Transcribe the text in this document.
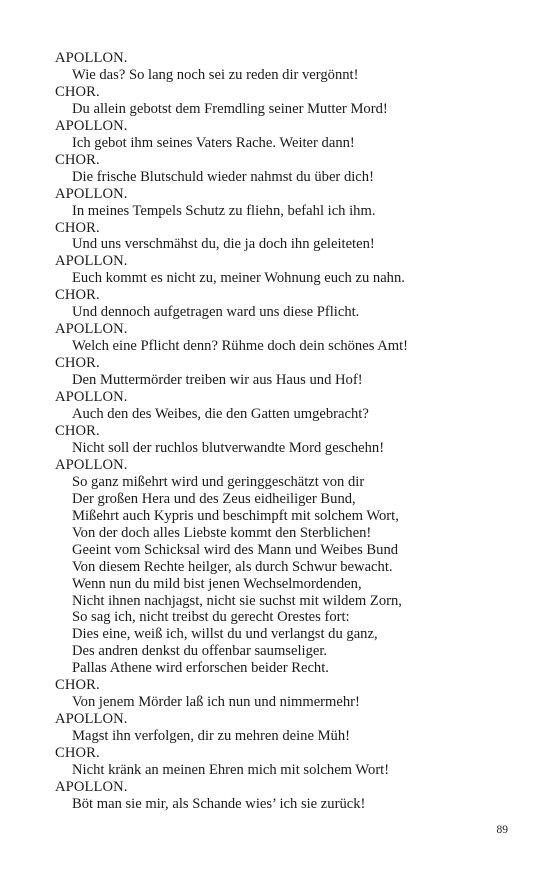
APOLLON.
Wie das? So lang noch sei zu reden dir vergönnt!
CHOR.
Du allein gebotst dem Fremdling seiner Mutter Mord!
APOLLON.
Ich gebot ihm seines Vaters Rache. Weiter dann!
CHOR.
Die frische Blutschuld wieder nahmst du über dich!
APOLLON.
In meines Tempels Schutz zu fliehn, befahl ich ihm.
CHOR.
Und uns verschmähst du, die ja doch ihn geleiteten!
APOLLON.
Euch kommt es nicht zu, meiner Wohnung euch zu nahn.
CHOR.
Und dennoch aufgetragen ward uns diese Pflicht.
APOLLON.
Welch eine Pflicht denn? Rühme doch dein schönes Amt!
CHOR.
Den Muttermörder treiben wir aus Haus und Hof!
APOLLON.
Auch den des Weibes, die den Gatten umgebracht?
CHOR.
Nicht soll der ruchlos blutverwandte Mord geschehn!
APOLLON.
So ganz mißehrt wird und geringgeschätzt von dir
Der großen Hera und des Zeus eidheiliger Bund,
Mißehrt auch Kypris und beschimpft mit solchem Wort,
Von der doch alles Liebste kommt den Sterblichen!
Geeint vom Schicksal wird des Mann und Weibes Bund
Von diesem Rechte heilger, als durch Schwur bewacht.
Wenn nun du mild bist jenen Wechselmordenden,
Nicht ihnen nachjagst, nicht sie suchst mit wildem Zorn,
So sag ich, nicht treibst du gerecht Orestes fort:
Dies eine, weiß ich, willst du und verlangst du ganz,
Des andren denkst du offenbar saumseliger.
Pallas Athene wird erforschen beider Recht.
CHOR.
Von jenem Mörder laß ich nun und nimmermehr!
APOLLON.
Magst ihn verfolgen, dir zu mehren deine Müh!
CHOR.
Nicht kränk an meinen Ehren mich mit solchem Wort!
APOLLON.
Böt man sie mir, als Schande wies’ ich sie zurück!
89
